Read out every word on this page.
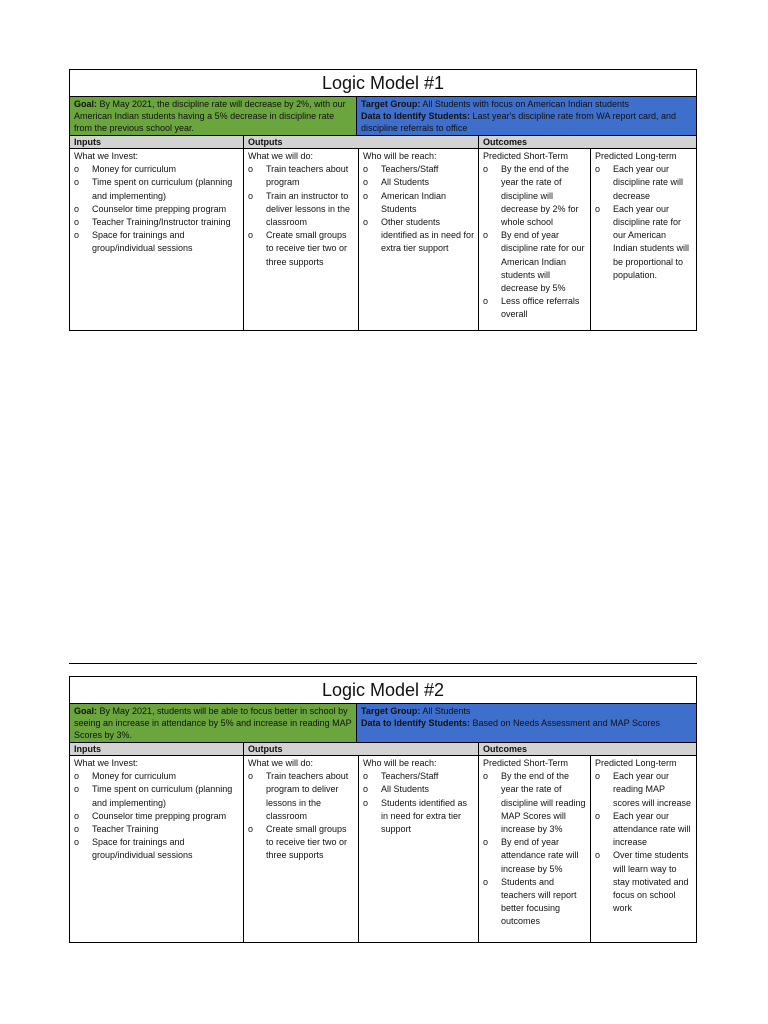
Logic Model #1
Goal: By May 2021, the discipline rate will decrease by 2%, with our American Indian students having a 5% decrease in discipline rate from the previous school year.
Target Group: All Students with focus on American Indian students
Data to Identify Students: Last year's discipline rate from WA report card, and discipline referrals to office
Inputs	Outputs	Outcomes
What we Invest:
o	Money for curriculum
o	Time spent on curriculum (planning and implementing)
o	Counselor time prepping program
o	Teacher Training/Instructor training
o	Space for trainings and group/individual sessions
What we will do:
o	Train teachers about program
o	Train an instructor to deliver lessons in the classroom
o	Create small groups to receive tier two or three supports
Who will be reach:
o	Teachers/Staff
o	All Students
o	American Indian Students
o	Other students identified as in need for extra tier support
Predicted Short-Term
o	By the end of the year the rate of discipline will decrease by 2% for whole school
o	By end of year discipline rate for our American Indian students will decrease by 5%
o	Less office referrals overall
Predicted Long-term
o	Each year our discipline rate will decrease
o	Each year our discipline rate for our American Indian students will be proportional to population.
Logic Model #2
Goal: By May 2021, students will be able to focus better in school by seeing an increase in attendance by 5% and increase in reading MAP Scores by 3%.
Target Group: All Students
Data to Identify Students: Based on Needs Assessment and MAP Scores
Inputs	Outputs	Outcomes
What we Invest:
o	Money for curriculum
o	Time spent on curriculum (planning and implementing)
o	Counselor time prepping program
o	Teacher Training
o	Space for trainings and group/individual sessions
What we will do:
o	Train teachers about program to deliver lessons in the classroom
o	Create small groups to receive tier two or three supports
Who will be reach:
o	Teachers/Staff
o	All Students
o	Students identified as in need for extra tier support
Predicted Short-Term
o	By the end of the year the rate of discipline will reading MAP Scores will increase by 3%
o	By end of year attendance rate will increase by 5%
o	Students and teachers will report better focusing outcomes
Predicted Long-term
o	Each year our reading MAP scores will increase
o	Each year our attendance rate will increase
o	Over time students will learn way to stay motivated and focus on school work
